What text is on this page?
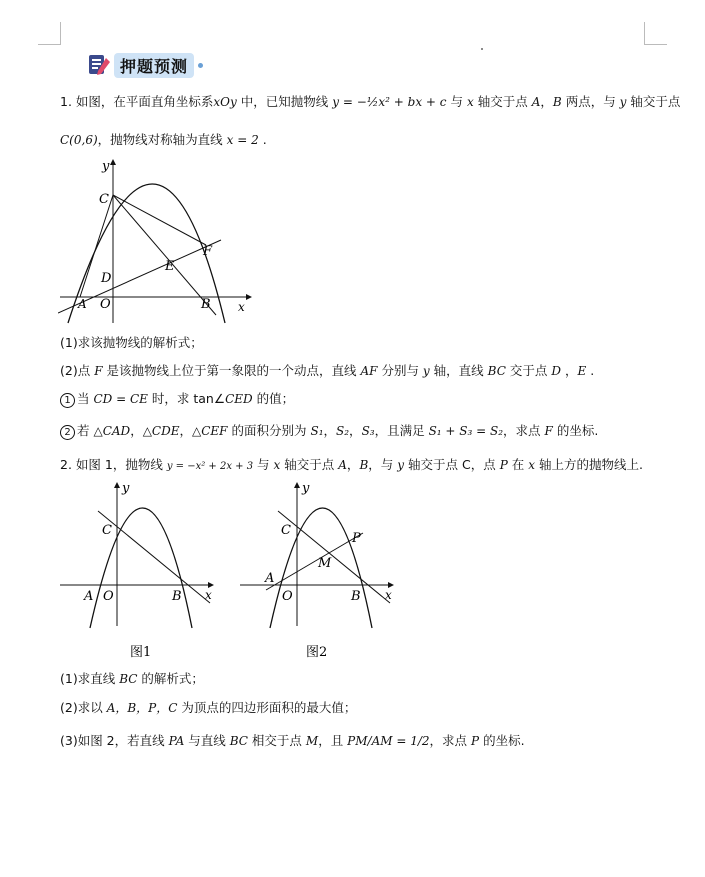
押题预测
1. 如图，在平面直角坐标系xOy 中，已知抛物线 y = −½x² + bx + c 与 x 轴交于点 A，B 两点，与 y 轴交于点
C(0,6)，抛物线对称轴为直线 x = 2 .
y
x
C
D
E
F
A O	B
(1)求该抛物线的解析式；
(2)点 F 是该抛物线上位于第一象限的一个动点，直线 AF 分别与 y 轴，直线 BC 交于点 D ，E .
1 当 CD = CE 时，求 tan∠CED 的值；
2 若 △CAD，△CDE，△CEF 的面积分别为 S₁，S₂，S₃，且满足 S₁ + S₃ = S₂，求点 F 的坐标.
2. 如图 1，抛物线 y = −x² + 2x + 3 与 x 轴交于点 A，B，与 y 轴交于点 C，点 P 在 x 轴上方的抛物线上.
y
x
C
A O	B
图1
y
x
C
A
O	B
M
P
图2
(1)求直线 BC 的解析式；
(2)求以 A，B，P，C 为顶点的四边形面积的最大值；
(3)如图 2，若直线 PA 与直线 BC 相交于点 M，且 PM/AM = 1/2，求点 P 的坐标.
